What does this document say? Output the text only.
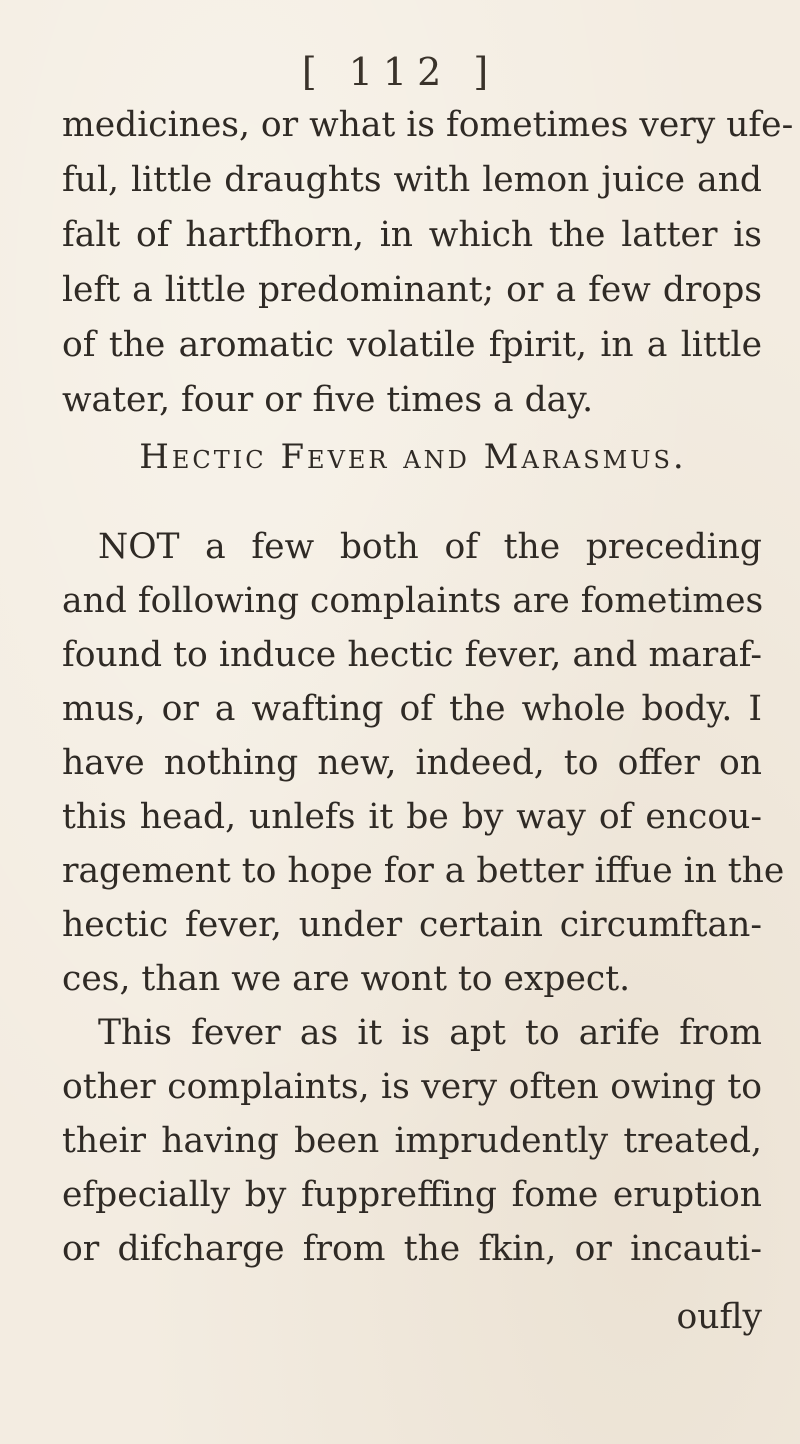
[ 112 ]
medicines, or what is fometimes very ufe-
ful, little draughts with lemon juice and
falt of hartfhorn, in which the latter is
left a little predominant; or a few drops
of the aromatic volatile fpirit, in a little
water, four or five times a day.
Hectic Fever and Marasmus.
NOT a few both of the preceding
and following complaints are fometimes
found to induce hectic fever, and maraf-
mus, or a wafting of the whole body. I
have nothing new, indeed, to offer on
this head, unlefs it be by way of encou-
ragement to hope for a better iffue in the
hectic fever, under certain circumftan-
ces, than we are wont to expect.
This fever as it is apt to arife from
other complaints, is very often owing to
their having been imprudently treated,
efpecially by fuppreffing fome eruption
or difcharge from the fkin, or incauti-
oufly
